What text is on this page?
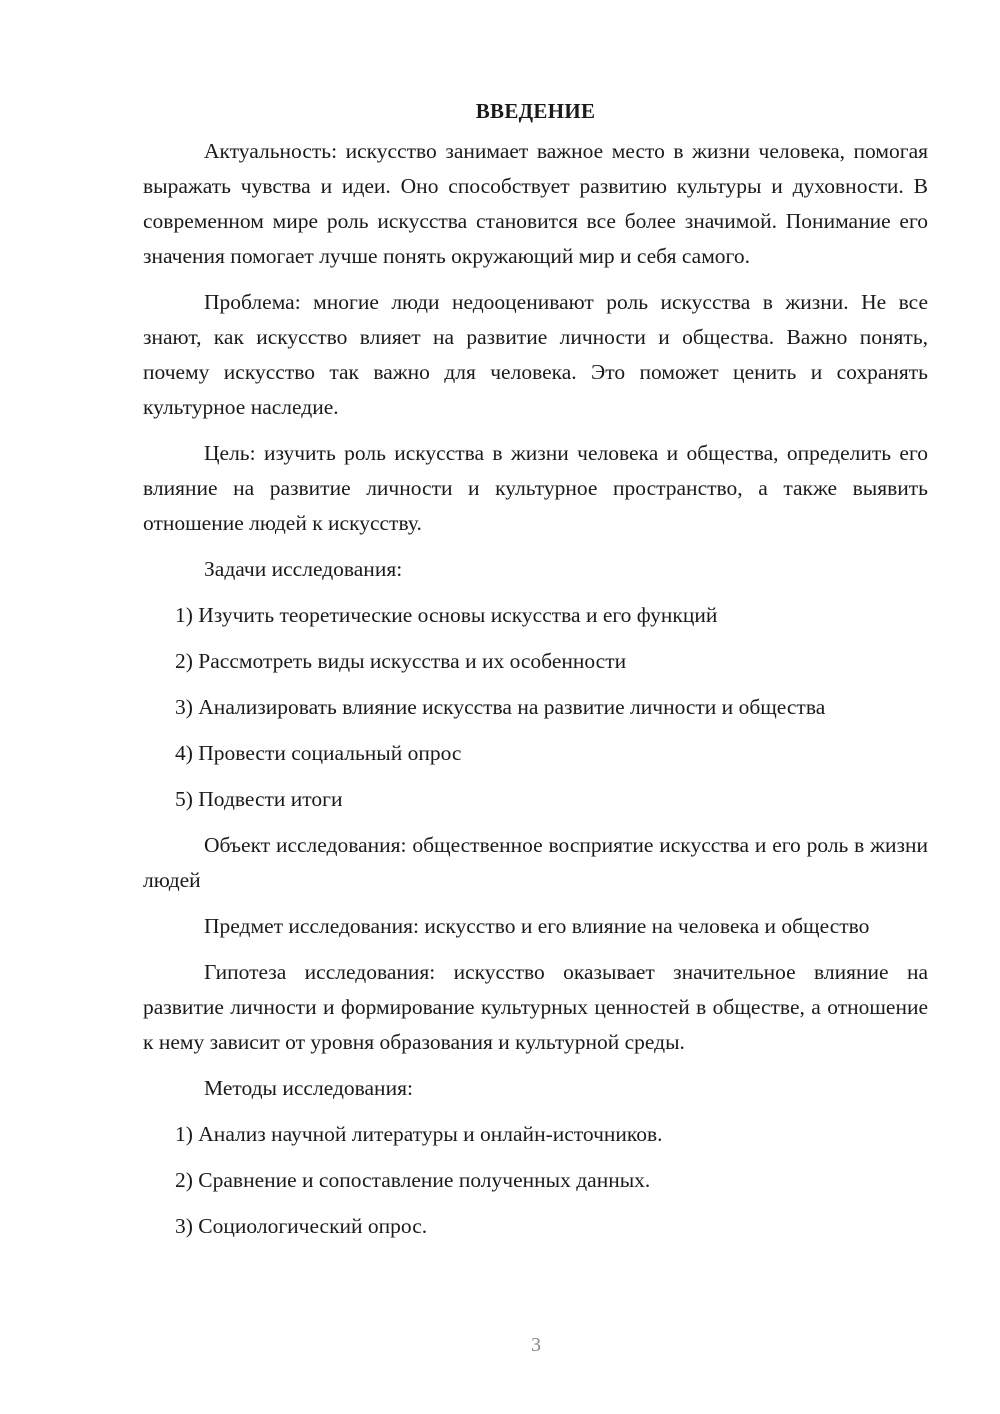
ВВЕДЕНИЕ

Актуальность: искусство занимает важное место в жизни человека, помогая выражать чувства и идеи. Оно способствует развитию культуры и духовности. В современном мире роль искусства становится все более значимой. Понимание его значения помогает лучше понять окружающий мир и себя самого.

Проблема: многие люди недооценивают роль искусства в жизни. Не все знают, как искусство влияет на развитие личности и общества. Важно понять, почему искусство так важно для человека. Это поможет ценить и сохранять культурное наследие.

Цель: изучить роль искусства в жизни человека и общества, определить его влияние на развитие личности и культурное пространство, а также выявить отношение людей к искусству.

Задачи исследования:

1) Изучить теоретические основы искусства и его функций

2) Рассмотреть виды искусства и их особенности

3) Анализировать влияние искусства на развитие личности и общества

4) Провести социальный опрос

5) Подвести итоги

Объект исследования: общественное восприятие искусства и его роль в жизни людей

Предмет исследования: искусство и его влияние на человека и общество

Гипотеза исследования: искусство оказывает значительное влияние на развитие личности и формирование культурных ценностей в обществе, а отношение к нему зависит от уровня образования и культурной среды.

Методы исследования:

1) Анализ научной литературы и онлайн-источников.

2) Сравнение и сопоставление полученных данных.

3) Социологический опрос.

3
